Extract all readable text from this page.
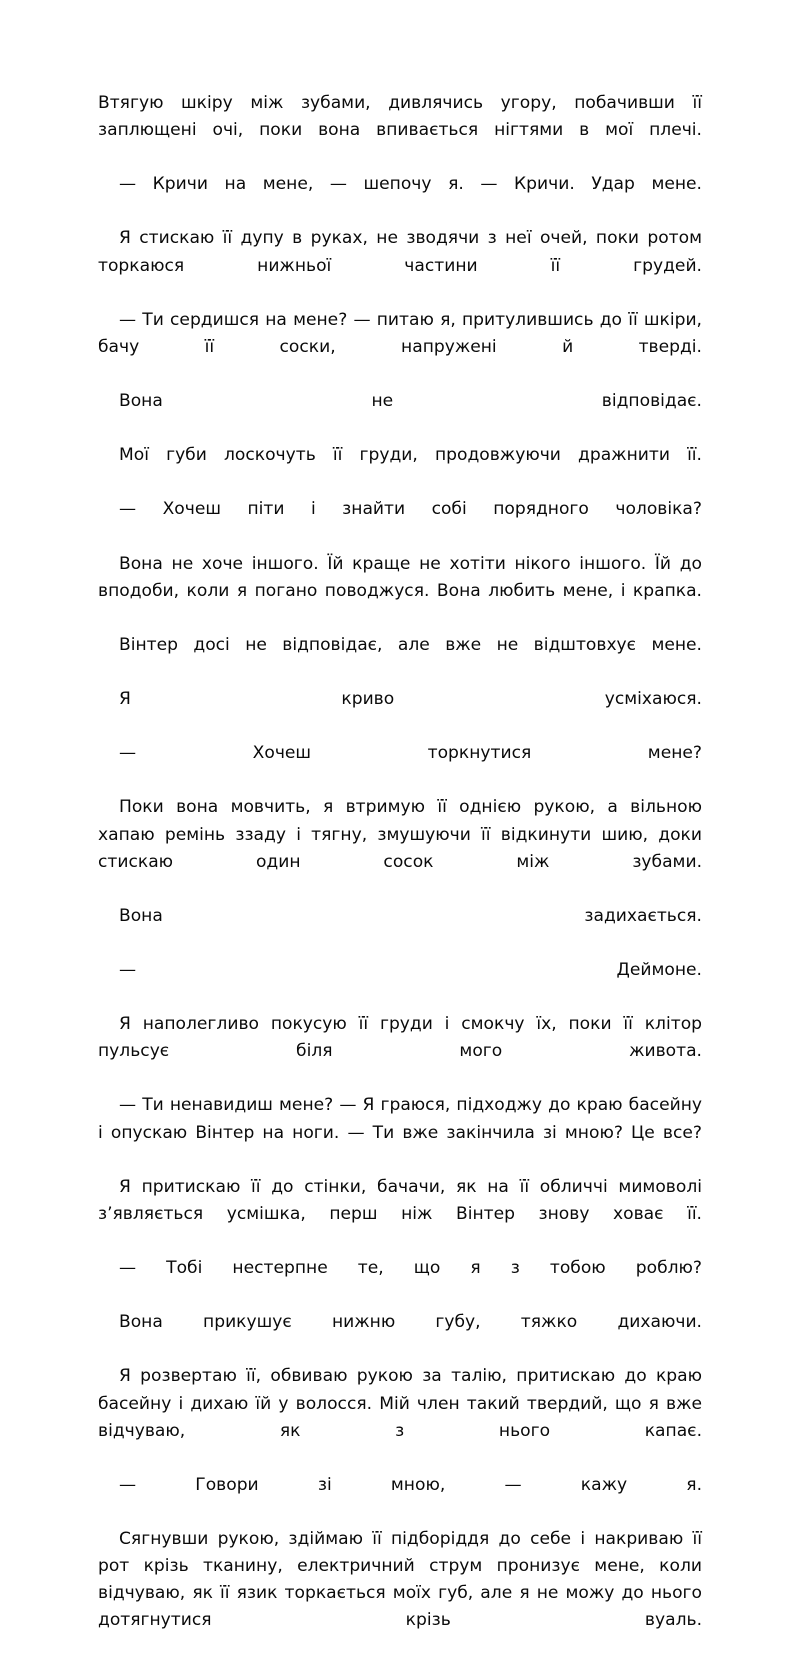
Втягую шкіру між зубами, дивлячись угору, побачивши її заплющені очі, поки вона впивається нігтями в мої плечі.

— Кричи на мене, — шепочу я. — Кричи. Удар мене.

Я стискаю її дупу в руках, не зводячи з неї очей, поки ротом торкаюся нижньої частини її грудей.

— Ти сердишся на мене? — питаю я, притулившись до її шкіри, бачу її соски, напружені й тверді.

Вона не відповідає.

Мої губи лоскочуть її груди, продовжуючи дражнити її.

— Хочеш піти і знайти собі порядного чоловіка?

Вона не хоче іншого. Їй краще не хотіти нікого іншого. Їй до вподоби, коли я погано поводжуся. Вона любить мене, і крапка.

Вінтер досі не відповідає, але вже не відштовхує мене.

Я криво усміхаюся.

— Хочеш торкнутися мене?

Поки вона мовчить, я втримую її однією рукою, а вільною хапаю ремінь ззаду і тягну, змушуючи її відкинути шию, доки стискаю один сосок між зубами.

Вона задихається.

— Деймоне.

Я наполегливо покусую її груди і смокчу їх, поки її клітор пульсує біля мого живота.

— Ти ненавидиш мене? — Я граюся, підходжу до краю басейну і опускаю Вінтер на ноги. — Ти вже закінчила зі мною? Це все?

Я притискаю її до стінки, бачачи, як на її обличчі мимоволі з’являється усмішка, перш ніж Вінтер знову ховає її.

— Тобі нестерпне те, що я з тобою роблю?

Вона прикушує нижню губу, тяжко дихаючи.

Я розвертаю її, обвиваю рукою за талію, притискаю до краю басейну і дихаю їй у волосся. Мій член такий твердий, що я вже відчуваю, як з нього капає.

— Говори зі мною, — кажу я.

Сягнувши рукою, здіймаю її підборіддя до себе і накриваю її рот крізь тканину, електричний струм пронизує мене, коли відчуваю, як її язик торкається моїх губ, але я не можу до нього дотягнутися крізь вуаль.
